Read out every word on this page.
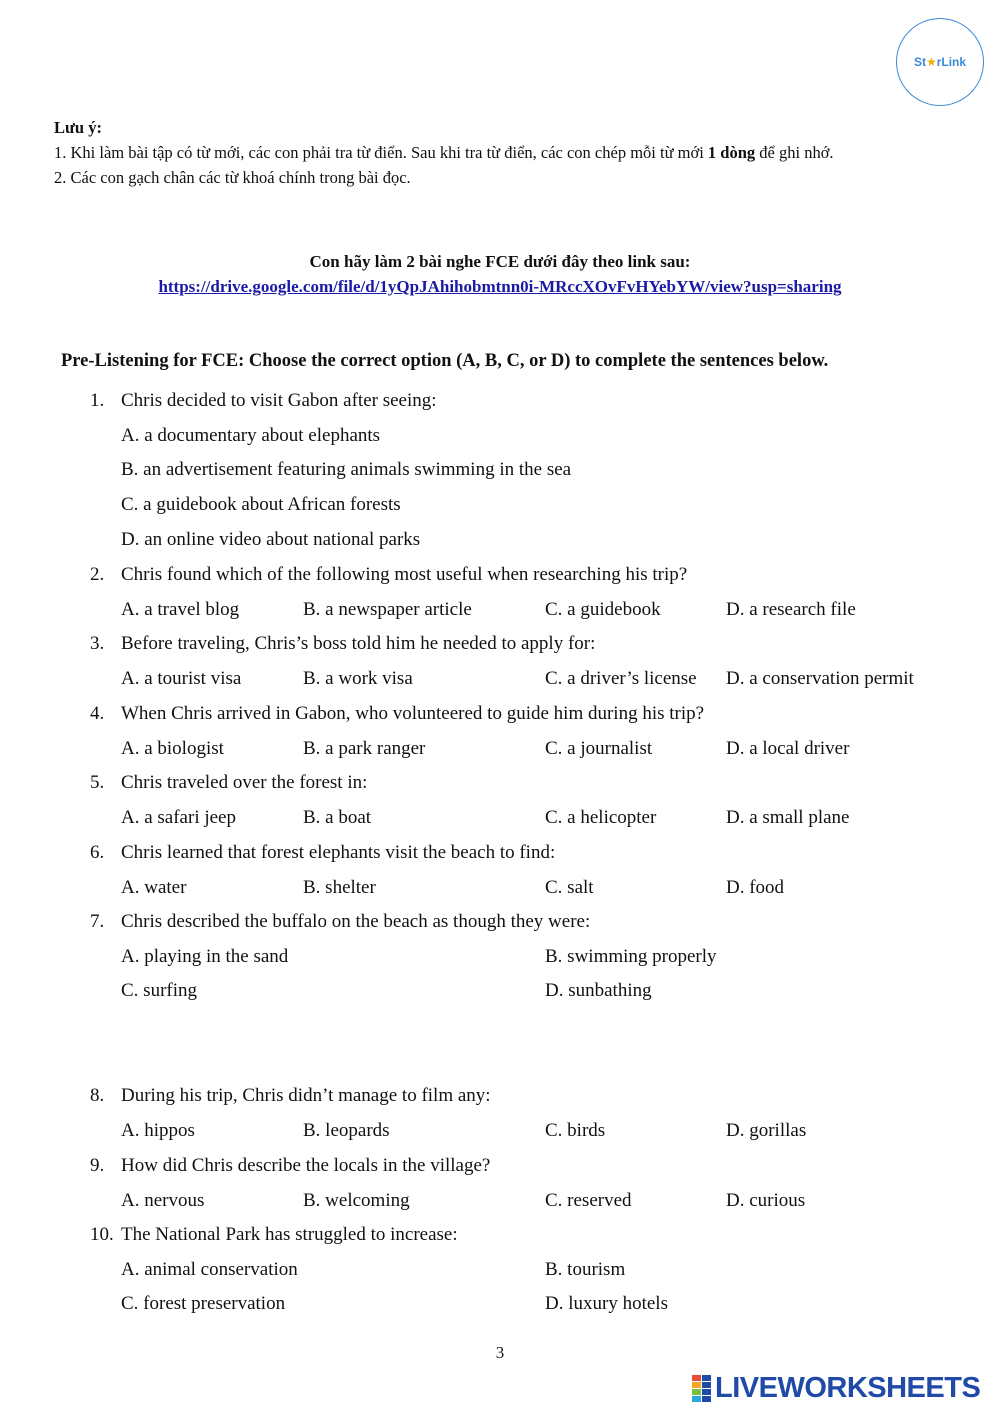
St ★ rLink
Lưu ý:
1. Khi làm bài tập có từ mới, các con phải tra từ điển. Sau khi tra từ điển, các con chép mỗi từ mới 1 dòng để ghi nhớ.
2. Các con gạch chân các từ khoá chính trong bài đọc.
Con hãy làm 2 bài nghe FCE dưới đây theo link sau:
https://drive.google.com/file/d/1yQpJAhihobmtnn0i-MRccXOvFvHYebYW/view?usp=sharing
Pre-Listening for FCE: Choose the correct option (A, B, C, or D) to complete the sentences below.
1. Chris decided to visit Gabon after seeing:
A. a documentary about elephants
B. an advertisement featuring animals swimming in the sea
C. a guidebook about African forests
D. an online video about national parks
2. Chris found which of the following most useful when researching his trip?
A. a travel blog	B. a newspaper article	C. a guidebook	D. a research file
3. Before traveling, Chris’s boss told him he needed to apply for:
A. a tourist visa	B. a work visa	C. a driver’s license D. a conservation permit
4. When Chris arrived in Gabon, who volunteered to guide him during his trip?
A. a biologist	B. a park ranger	C. a journalist	D. a local driver
5. Chris traveled over the forest in:
A. a safari jeep	B. a boat	C. a helicopter	D. a small plane
6. Chris learned that forest elephants visit the beach to find:
A. water	B. shelter	C. salt	D. food
7. Chris described the buffalo on the beach as though they were:
A. playing in the sand	B. swimming properly
C. surfing	D. sunbathing
8. During his trip, Chris didn’t manage to film any:
A. hippos	B. leopards	C. birds	D. gorillas
9. How did Chris describe the locals in the village?
A. nervous	B. welcoming	C. reserved	D. curious
10. The National Park has struggled to increase:
A. animal conservation	B. tourism
C. forest preservation	D. luxury hotels
3
LIVEWORKSHEETS
